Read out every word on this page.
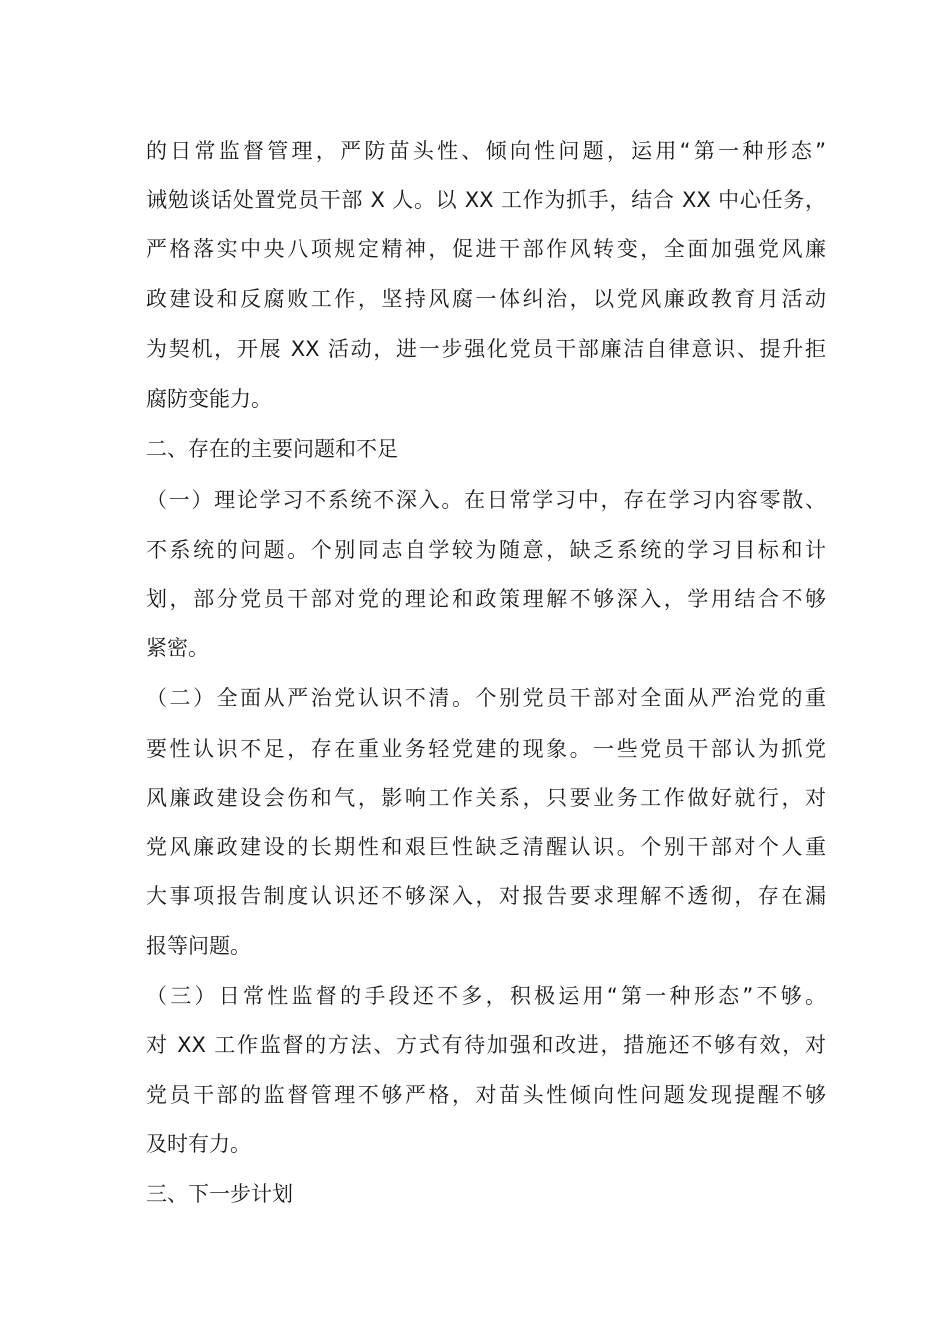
的日常监督管理，严防苗头性、倾向性问题，运用“第一种形态”

诫勉谈话处置党员干部 X 人。以 XX 工作为抓手，结合 XX 中心任务，

严格落实中央八项规定精神，促进干部作风转变，全面加强党风廉

政建设和反腐败工作，坚持风腐一体纠治，以党风廉政教育月活动

为契机，开展 XX 活动，进一步强化党员干部廉洁自律意识、提升拒

腐防变能力。

二、存在的主要问题和不足

（一）理论学习不系统不深入。在日常学习中，存在学习内容零散、

不系统的问题。个别同志自学较为随意，缺乏系统的学习目标和计

划，部分党员干部对党的理论和政策理解不够深入，学用结合不够

紧密。

（二）全面从严治党认识不清。个别党员干部对全面从严治党的重

要性认识不足，存在重业务轻党建的现象。一些党员干部认为抓党

风廉政建设会伤和气，影响工作关系，只要业务工作做好就行，对

党风廉政建设的长期性和艰巨性缺乏清醒认识。个别干部对个人重

大事项报告制度认识还不够深入，对报告要求理解不透彻，存在漏

报等问题。

（三）日常性监督的手段还不多，积极运用“第一种形态”不够。

对 XX 工作监督的方法、方式有待加强和改进，措施还不够有效，对

党员干部的监督管理不够严格，对苗头性倾向性问题发现提醒不够

及时有力。

三、下一步计划
